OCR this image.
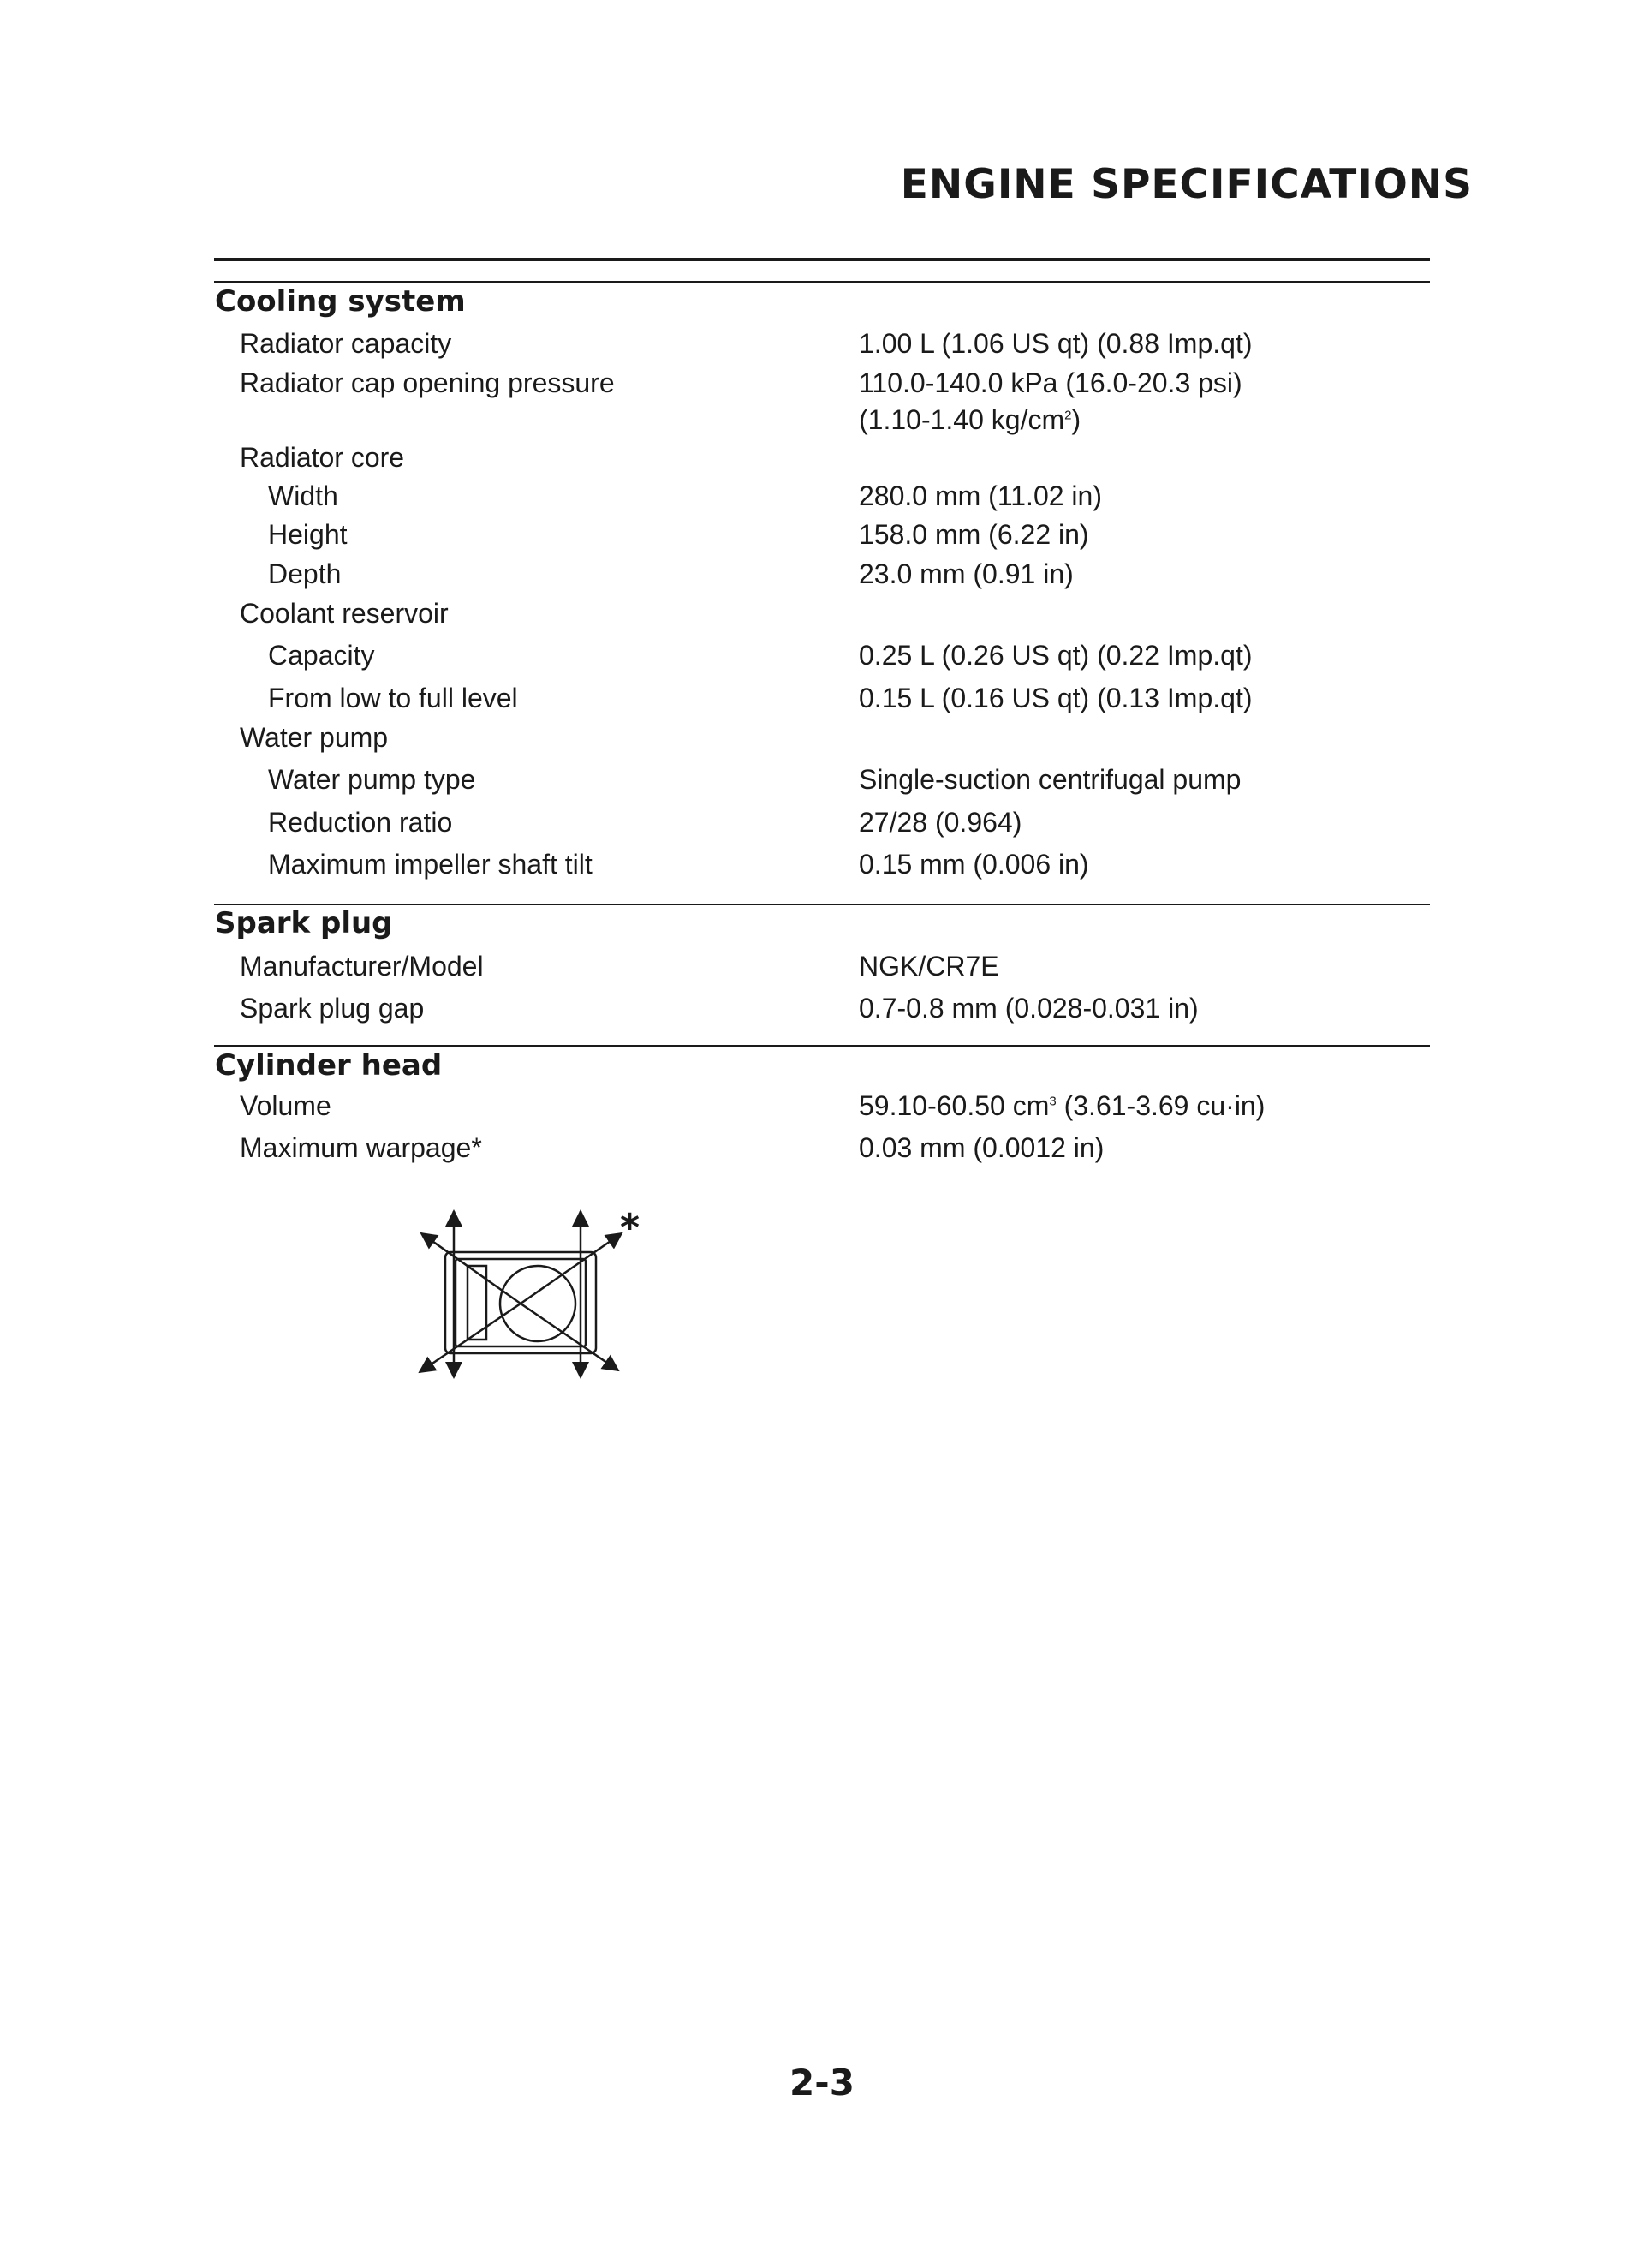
ENGINE SPECIFICATIONS
Cooling system
Radiator capacity	1.00 L (1.06 US qt) (0.88 Imp.qt)
Radiator cap opening pressure	110.0-140.0 kPa (16.0-20.3 psi)
(1.10-1.40 $kg/cm^2$)
Radiator core
Width	280.0 mm (11.02 in)
Height	158.0 mm (6.22 in)
Depth	23.0 mm (0.91 in)
Coolant reservoir
Capacity	0.25 L (0.26 US qt) (0.22 Imp.qt)
From low to full level	0.15 L (0.16 US qt) (0.13 Imp.qt)
Water pump
Water pump type	Single-suction centrifugal pump
Reduction ratio	27/28 (0.964)
Maximum impeller shaft tilt	0.15 mm (0.006 in)
Spark plug
Manufacturer/Model	NGK/CR7E
Spark plug gap	0.7-0.8 mm (0.028-0.031 in)
Cylinder head
Volume	59.10-60.50 $cm^3$ (3.61-3.69 cu·in)
Maximum warpage*	0.03 mm (0.0012 in)
*

2-3
